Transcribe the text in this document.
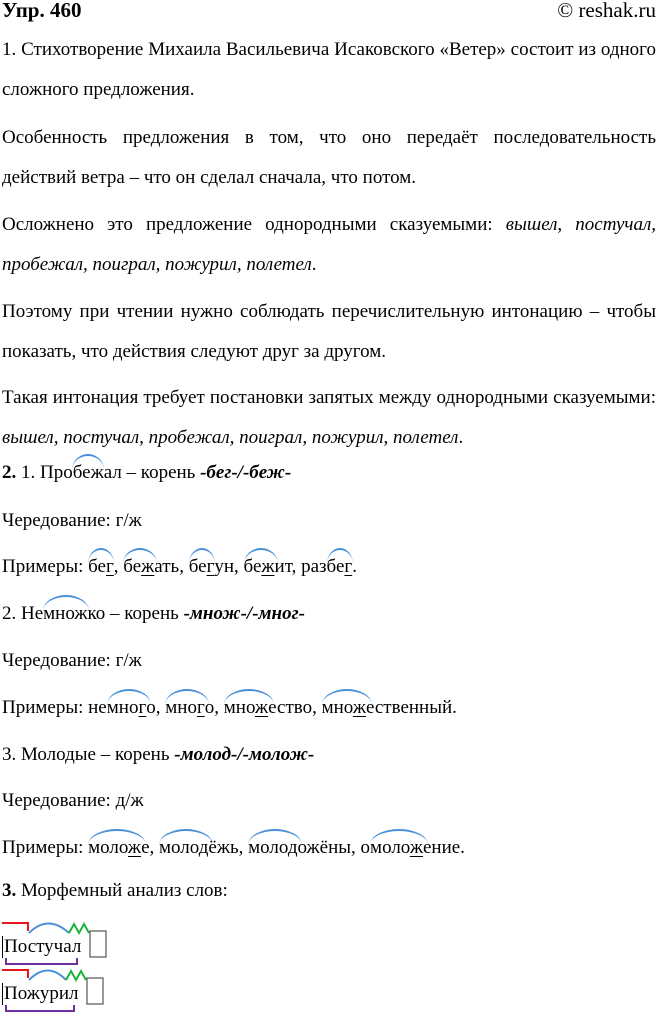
Упр. 460	© reshak.ru
1. Стихотворение Михаила Васильевича Исаковского «Ветер» состоит из одного сложного предложения.
Особенность предложения в том, что оно передаёт последовательность действий ветра – что он сделал сначала, что потом.
Осложнено это предложение однородными сказуемыми: вышел, постучал, пробежал, поиграл, пожурил, полетел.
Поэтому при чтении нужно соблюдать перечислительную интонацию – чтобы показать, что действия следуют друг за другом.
Такая интонация требует постановки запятых между однородными сказуемыми: вышел, постучал, пробежал, поиграл, пожурил, полетел.
2. 1. Пробежал – корень -бег-/-беж-
Чередование: г/ж
Примеры: бег, бежать, бегун, бежит, разбег.
2. Немножко – корень -множ-/-мног-
Чередование: г/ж
Примеры: немного, много, множество, множественный.
3. Молодые – корень -молод-/-молож-
Чередование: д/ж
Примеры: моложе, молодёжь, молодожёны, омоложение.
3. Морфемный анализ слов:
Постучал
Пожурил
